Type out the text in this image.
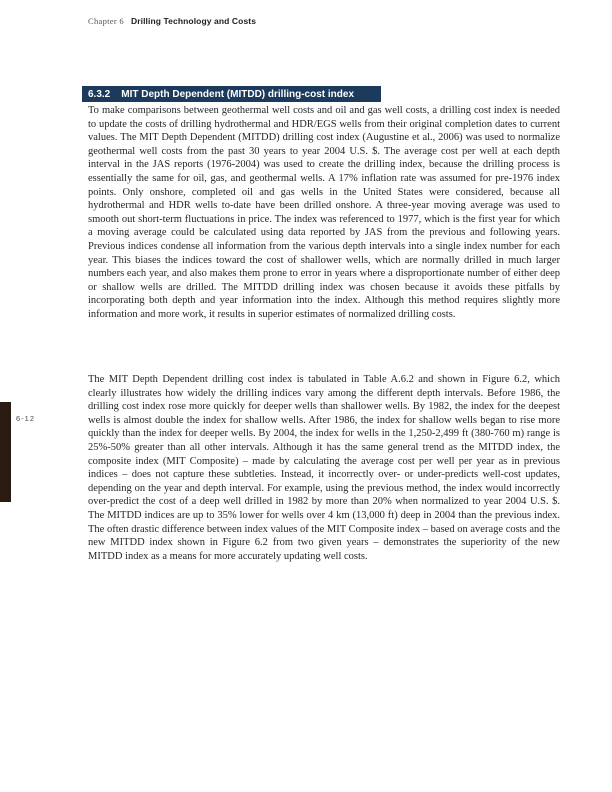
Chapter 6 Drilling Technology and Costs
6.3.2 MIT Depth Dependent (MITDD) drilling-cost index

To make comparisons between geothermal well costs and oil and gas well costs, a drilling cost index is needed to update the costs of drilling hydrothermal and HDR/EGS wells from their original completion dates to current values. The MIT Depth Dependent (MITDD) drilling cost index (Augustine et al., 2006) was used to normalize geothermal well costs from the past 30 years to year 2004 U.S. $. The average cost per well at each depth interval in the JAS reports (1976-2004) was used to create the drilling index, because the drilling process is essentially the same for oil, gas, and geothermal wells. A 17% inflation rate was assumed for pre-1976 index points. Only onshore, completed oil and gas wells in the United States were considered, because all hydrothermal and HDR wells to-date have been drilled onshore. A three-year moving average was used to smooth out short-term fluctuations in price. The index was referenced to 1977, which is the first year for which a moving average could be calculated using data reported by JAS from the previous and following years. Previous indices condense all information from the various depth intervals into a single index number for each year. This biases the indices toward the cost of shallower wells, which are normally drilled in much larger numbers each year, and also makes them prone to error in years where a disproportionate number of either deep or shallow wells are drilled. The MITDD drilling index was chosen because it avoids these pitfalls by incorporating both depth and year information into the index. Although this method requires slightly more information and more work, it results in superior estimates of normalized drilling costs.

The MIT Depth Dependent drilling cost index is tabulated in Table A.6.2 and shown in Figure 6.2, which clearly illustrates how widely the drilling indices vary among the different depth intervals. Before 1986, the drilling cost index rose more quickly for deeper wells than shallower wells. By 1982, the index for the deepest wells is almost double the index for shallow wells. After 1986, the index for shallow wells began to rise more quickly than the index for deeper wells. By 2004, the index for wells in the 1,250-2,499 ft (380-760 m) range is 25%-50% greater than all other intervals. Although it has the same general trend as the MITDD index, the composite index (MIT Composite) – made by calculating the average cost per well per year as in previous indices – does not capture these subtleties. Instead, it incorrectly over- or under-predicts well-cost updates, depending on the year and depth interval. For example, using the previous method, the index would incorrectly over-predict the cost of a deep well drilled in 1982 by more than 20% when normalized to year 2004 U.S. $. The MITDD indices are up to 35% lower for wells over 4 km (13,000 ft) deep in 2004 than the previous index. The often drastic difference between index values of the MIT Composite index – based on average costs and the new MITDD index shown in Figure 6.2 from two given years – demonstrates the superiority of the new MITDD index as a means for more accurately updating well costs.

6-12
